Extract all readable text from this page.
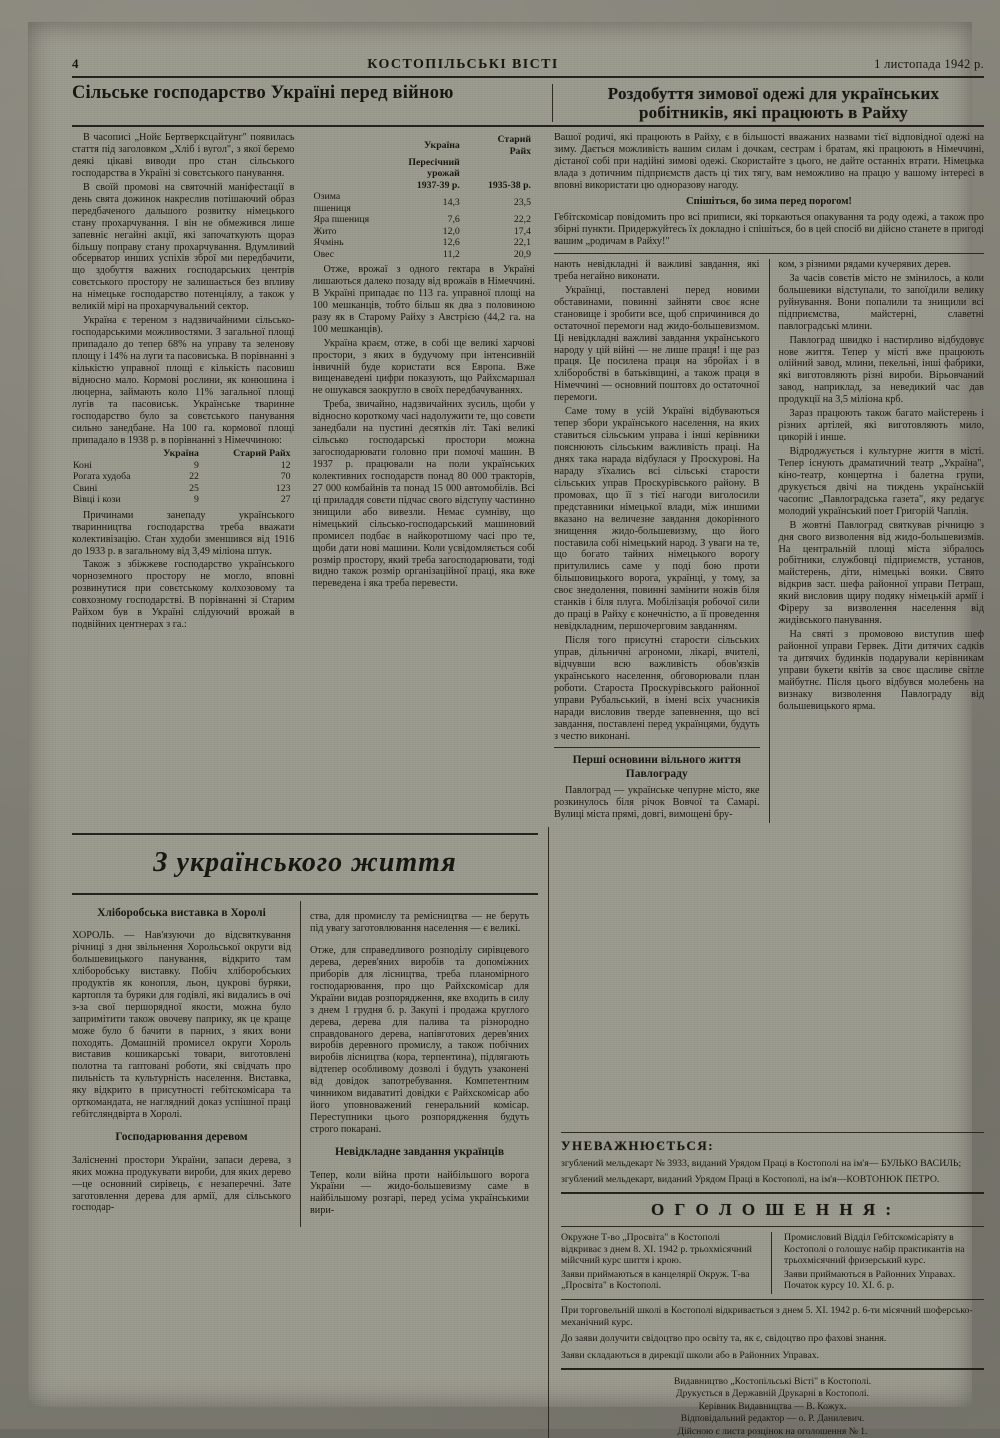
4	КОСТОПІЛЬСЬКІ ВІСТІ	1 листопада 1942 р.
Сільське господарство Україні перед війною	Роздобуття зимової одежі для українських робітників, які працюють в Райху

В часописі „Нойє Бертверксцайтунг" появилась стаття під заголовком „Хліб і вугол", з якої беремо деякі цікаві виводи про стан сільського господарства в Україні зі совєтського панування.

В своїй промові на святочній маніфестації в день свята дожинок накреслив потішаючий образ передбаченого дальшого розвитку німецького стану прохарчування. І він не обмежився лише запевніє негайні акції, які започаткують щораз більшу поправу стану прохарчування. Вдумливий обсерватор инших успіхів зброї ми передбачити, що здобуття важних господарських центрів совєтського простору не залишається без впливу на німецьке господарство потенціялу, а також у великій мірі на прохарчувальний сектор.

Україна є тереном з надзвичайними сільсько-господарськими можливостями. З загальної площі припадало до тепер 68% на управу та зеленову площу і 14% на луги та пасовиська. В порівнанні з кількістю управної площі є кількість пасовиш відносно мало. Кормові рослини, як конюшина і люцерна, займають коло 11% загальної площі лугів та пасовиськ. Українське тваринне господарство було за совєтського панування сильно занедбане. На 100 га. кормової площі припадало в 1938 р. в порівнанні з Німеччиною:

	Україна	Старий Райх
Коні	9	12
Рогата худоба	22	70
Свині	25	123
Вівці і кози	9	27

Причинами занепаду українського тваринництва господарства треба вважати колективізацію. Стан худоби зменшився від 1916 до 1933 р. в загальному від 3,49 міліона штук.

Також з збіжжеве господарство українського чорноземного простору не могло, вповні розвинутися при совєтському колхозовому та совхозному господарстві. В порівнанні зі Старим Райхом був в Україні слідуючий врожай в подвійних центнерах з га.:

	Україна	Старий Райх
	Пересічний урожай	
	1937-39 р.	1935-38 р.
Озима пшениця	14,3	23,5
Яра пшениця	7,6	22,2
Жито	12,0	17,4
Ячмінь	12,6	22,1
Овес	11,2	20,9

Отже, врожаї з одного гектара в Україні лишаються далеко позаду від врожаїв в Німеччині. В Україні припадає по 113 га. управної площі на 100 мешканців, тобто більш як два з половиною разу як в Старому Райху з Австрією (44,2 га. на 100 мешканців).

Україна краєм, отже, в собі ще великі харчові простори, з яких в будучому при інтенсивній інвичній буде користати вся Европа. Вже вищенаведені цифри показують, що Райхсмаршал не ошукався заокругло в своїх передбачуваннях.

Треба, звичайно, надзвичайних зусиль, щоби у відносно короткому часі надолужити те, що совєти занедбали на пустині десятків літ. Такі великі сільсько господарські простори можна загосподарювати головно при помочі машин. В 1937 р. працювали на поли українських колективних господарств понад 80 000 тракторів, 27 000 комбайнів та понад 15 000 автомобілів. Всі ці приладдя совєти підчас свого відступу частинно знищили або вивезли. Немає сумніву, що німецький сільсько-господарський машиновий промисел подбає в найкоротшому часі про те, щоби дати нові машини. Коли усвідомляється собі розмір простору, який треба загосподарювати, тоді видно також розмір організаційної праці, яка вже переведена і яка треба перевести.

Вашої родичі, які працюють в Райху, є в більшості вважаних назвами тієї відповідної одежі на зиму. Дається можливість вашим силам і дочкам, сестрам і братам, які працюють в Німеччині, дістаної собі при надійні зимові одежі. Скористайте з цього, не дайте останніх втрати. Німецька влада з дотичним підприємств дасть ці тих тягу, вам неможливо на працю у вашому інтересі в вповні використати цю одноразову нагоду.

Спішіться, бо зима перед порогом!

Гебітскомісар повідомить про всі приписи, які торкаються опакування та роду одежі, а також про збірні пункти. Придержуйтесь їх докладно і спішіться, бо в цей спосіб ви дійсно станете в пригоді вашим „родичам в Райху!"

нають невідкладні й важливі завдання, які треба негайно виконати.

Українці, поставлені перед новими обставинами, повинні зайняти своє ясне становище і зробити все, щоб спричинився до остаточної перемоги над жидо-большевизмом. Ці невідкладні важливі завдання українського народу у цій війні — не лише праця! і ще раз праця. Це посилена праця на збройах і в хліборобстві в батьківщині, а також праця в Німеччині — основний поштовх до остаточної перемоги.

Саме тому в усій Україні відбуваються тепер збори українського населення, на яких ставиться сільським управа і інші керівники пояснюють сільським важливість праці. На днях така нарада відбулася у Проскурові. На нараду з'їхались всі сільські старости сільських управ Проскурівського району. В промовах, що її з тієї нагоди виголосили представники німецької влади, між иншими вказано на величезне завдання докорінного знищення жидо-большевизму, що його поставила собі німецький народ. З уваги на те, що богато тайних німецького ворогу притулились саме у поді бою проти більшовицького ворога, українці, у тому, за своє знедолення, повинні замінити ножів біля станків і біля плуга. Мобілізація робочої сили до праці в Райху є конечністю, а її проведення невідкладним, першочерговим завданням.

Після того присутні старости сільських управ, дільничні агрономи, лікарі, вчителі, відчувши всю важливість обов'язків українського населення, обговорювали план роботи. Староста Проскурівського районної управи Рубальський, в імені всіх учасників наради висловив тверде запевнення, що всі завдання, поставлені перед українцями, будуть з честю виконані.

Перші основини вільного життя Павлограду

Павлоград — українське чепурне місто, яке розкинулось біля річок Вовчої та Самарі. Вулиці міста прямі, довгі, вимощені бру-

ком, з різними рядами кучерявих дерев.

За часів совєтів місто не змінилось, а коли большевики відступали, то запоїдили велику руйнування. Вони попалили та знищили всі підприємства, майстерні, славетні павлоградські млини.

Павлоград швидко і настирливо відбудовує нове життя. Тепер у місті вже працюють олійний завод, млини, пекельні, інші фабрики, які виготовляють різні вироби. Вірьовчаний завод, наприклад, за неведикий час дав продукції на 3,5 міліона крб.

Зараз працюють також багато майстерень і різних артілей, які виготовляють мило, цикорій і инше.

Відроджується і культурне життя в місті. Тепер існують драматичний театр „Україна", кіно-театр, концертна і балетна групи, друкується двічі на тиждень українській часопис „Павлоградська газета", яку редагує молодий український поет Григорій Чаплія.

В жовтні Павлоград святкував річницю з дня свого визволення від жидо-большевизмів. На центральній площі міста зібралось робітники, службовці підприємств, установ, майстерень, діти, німецькі вояки. Свято відкрив заст. шефа районної управи Петраш, який висловив щиру подяку німецькій армії і Фіреру за визволення населення від жидівського панування.

На святі з промовою виступив шеф районної управи Гервек. Діти дитячих садків та дитячих будинків подарували керівникам управи букети квітів за своє щасливе світле майбутнє. Після цього відбувся молебень на визнаку визволення Павлограду від большевицького ярма.

З українського життя
Хліборобська виставка в Хоролі

ХОРОЛЬ. — Нав'язуючи до відсвяткування річниці з дня звільнення Хорольської округи від большевицького панування, відкрито там хліборобську виставку. Побіч хліборобських продуктів як конопля, льон, цукрові буряки, картопля та буряки для годівлі, які видались в очі з-за свої першорядної якости, можна було запримітити також овочеву паприку, як це краще може було б бачити в парних, з яких вони походять. Домашній промисел округи Хороль виставив кошикарські товари, виготовлені полотна та гаптовані роботи, які свідчать про пильність та культурність населення. Виставка, яку відкрито в присутності гебітскомісара та орткомандата, не наглядний доказ успішної праці гебітсляндвірта в Хоролі.

Господарювання деревом

Залісненні простори України, запаси дерева, з яких можна продукувати вироби, для яких дерево—це основний сирівець, є незаперечні. Зате заготовлення дерева для армії, для сільського господар-

ства, для промислу та ремісництва — не беруть під увагу заготовлювання населення — є великі.

Отже, для справедливого розподілу сирівцевого дерева, дерев'яних виробів та допоміжних приборів для лісництва, треба планомірного господарювання, про що Райхскомісар для України видав розпорядження, яке входить в силу з днем 1 грудня б. р. Закупі і продажа круглого дерева, дерева для палива та різнородно справдованого дерева, напівготових дерев'яних виробів деревного промислу, а також побічних виробів лісництва (кора, терпентина), підлягають відтепер особливому дозволі і будуть узаконені від довідок запотребування. Компетентним чинником видаватиті довідки є Райхскомісар або його уповноважений генеральний комісар. Переступники цього розпорядження будуть строго покарані.

Невідкладне завдання українців

Тепер, коли війна проти найбільшого ворога України — жидо-большевизму саме в найбільшому розгарі, перед усіма українськими вири-

УНЕВАЖНЮЄТЬСЯ:

згублений мельдекарт № 3933, виданий Урядом Праці в Костополі на ім'я— БУЛЬКО ВАСИЛЬ;

згублений мельдекарт, виданий Урядом Праці в Костополі, на ім'я—КОВТОНЮК ПЕТРО.

О Г О Л О Ш Е Н Н Я :

Окружне Т-во „Просвіта" в Костополі відкриває з днем 8. XI. 1942 р. трьохмісячний мійсчний курс шиття і крою.

Заяви приймаються в канцелярії Окруж. Т-ва „Просвіта" в Костополі.

Промисловий Відділ Гебітскомісаріяту в Костополі о голошує набір практикантів на трьохмісячний фризерський курс.

Заяви приймаються в Районних Управах. Початок курсу 10. XI. б. р.

При торговельній школі в Костополі відкривається з днем 5. XI. 1942 р. 6-ти місячний шоферсько-механічний курс.

До заяви долучити свідоцтво про освіту та, як є, свідоцтво про фахові знання.

Заяви складаються в дирекції школи або в Районних Управах.

Видавництво „Костопільські Вісті" в Костополі.

Друкується в Державній Друкарні в Костополі.

Керівник Видавництва — В. Кожух.

Відповідальний редактор — о. Р. Данилевич.

Дійсною є листа розцінок на оголошення № 1.
